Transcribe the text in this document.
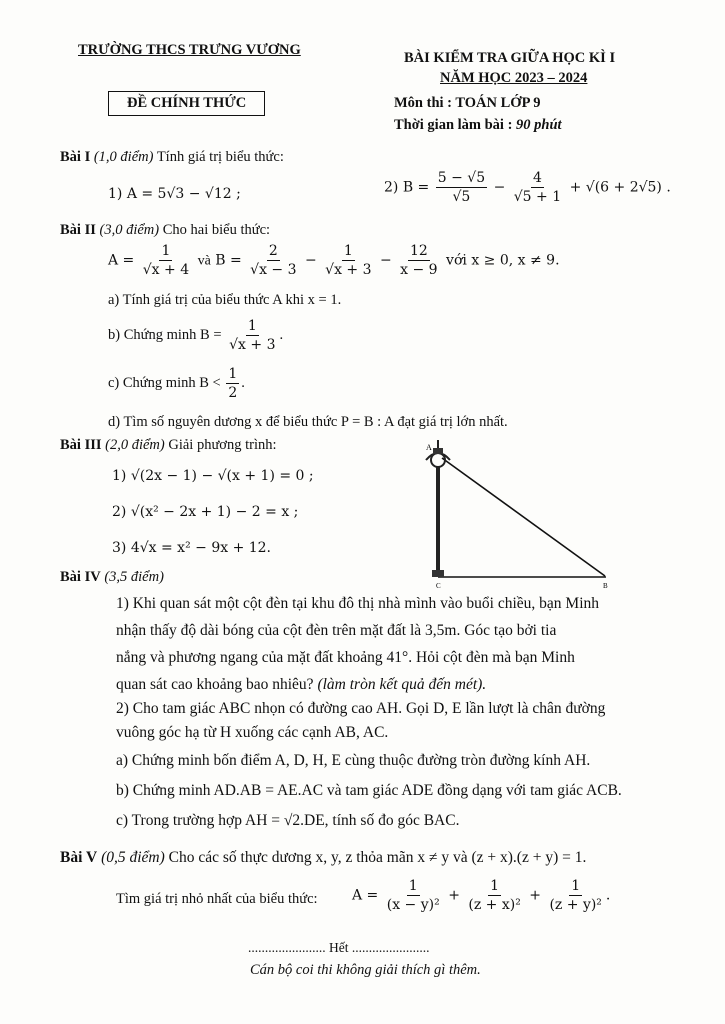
TRƯỜNG THCS TRƯNG VƯƠNG	BÀI KIỂM TRA GIỮA HỌC KÌ I
NĂM HỌC 2023 – 2024
ĐỀ CHÍNH THỨC	Môn thi : TOÁN LỚP 9
Thời gian làm bài : 90 phút
Bài I (1,0 điểm) Tính giá trị biểu thức:
1) A = 5√3 − √12 ;	2) $B = \frac{5 - √5}{√5} - \frac{4}{√5 + 1} + √(6 + 2√5)$ .
Bài II (3,0 điểm) Cho hai biểu thức:
$A = \frac{1}{√x + 4}$ và $B = \frac{2}{√x - 3} - \frac{1}{√x + 3} - \frac{12}{x - 9}$ với x ≥ 0, x ≠ 9.
a) Tính giá trị của biểu thức A khi x = 1.
b) Chứng minh $B = \frac{1}{√x + 3}$ .
c) Chứng minh $B < \frac{1}{2}$ .
d) Tìm số nguyên dương x để biểu thức P = B : A đạt giá trị lớn nhất.
Bài III (2,0 điểm) Giải phương trình:
1) √(2x − 1) − √(x + 1) = 0 ;
2) √(x² − 2x + 1) − 2 = x ;
3) 4√x = x² − 9x + 12.
A
C	B
Bài IV (3,5 điểm)
1) Khi quan sát một cột đèn tại khu đô thị nhà mình vào buổi chiều, bạn Minh
nhận thấy độ dài bóng của cột đèn trên mặt đất là 3,5m. Góc tạo bởi tia
nắng và phương ngang của mặt đất khoảng 41°. Hỏi cột đèn mà bạn Minh
quan sát cao khoảng bao nhiêu? (làm tròn kết quả đến mét).
2) Cho tam giác ABC nhọn có đường cao AH. Gọi D, E lần lượt là chân đường
vuông góc hạ từ H xuống các cạnh AB, AC.
a) Chứng minh bốn điểm A, D, H, E cùng thuộc đường tròn đường kính AH.
b) Chứng minh AD.AB = AE.AC và tam giác ADE đồng dạng với tam giác ACB.
c) Trong trường hợp AH = √2.DE, tính số đo góc BAC.
Bài V (0,5 điểm) Cho các số thực dương x, y, z thỏa mãn x ≠ y và (z + x).(z + y) = 1.
Tìm giá trị nhỏ nhất của biểu thức: $A = \frac{1}{\text{(x − y)²}} + \frac{1}{\text{(z + x)²}} + \frac{1}{\text{(z + y)²}}$ .
....................... Hết .......................
Cán bộ coi thi không giải thích gì thêm.
